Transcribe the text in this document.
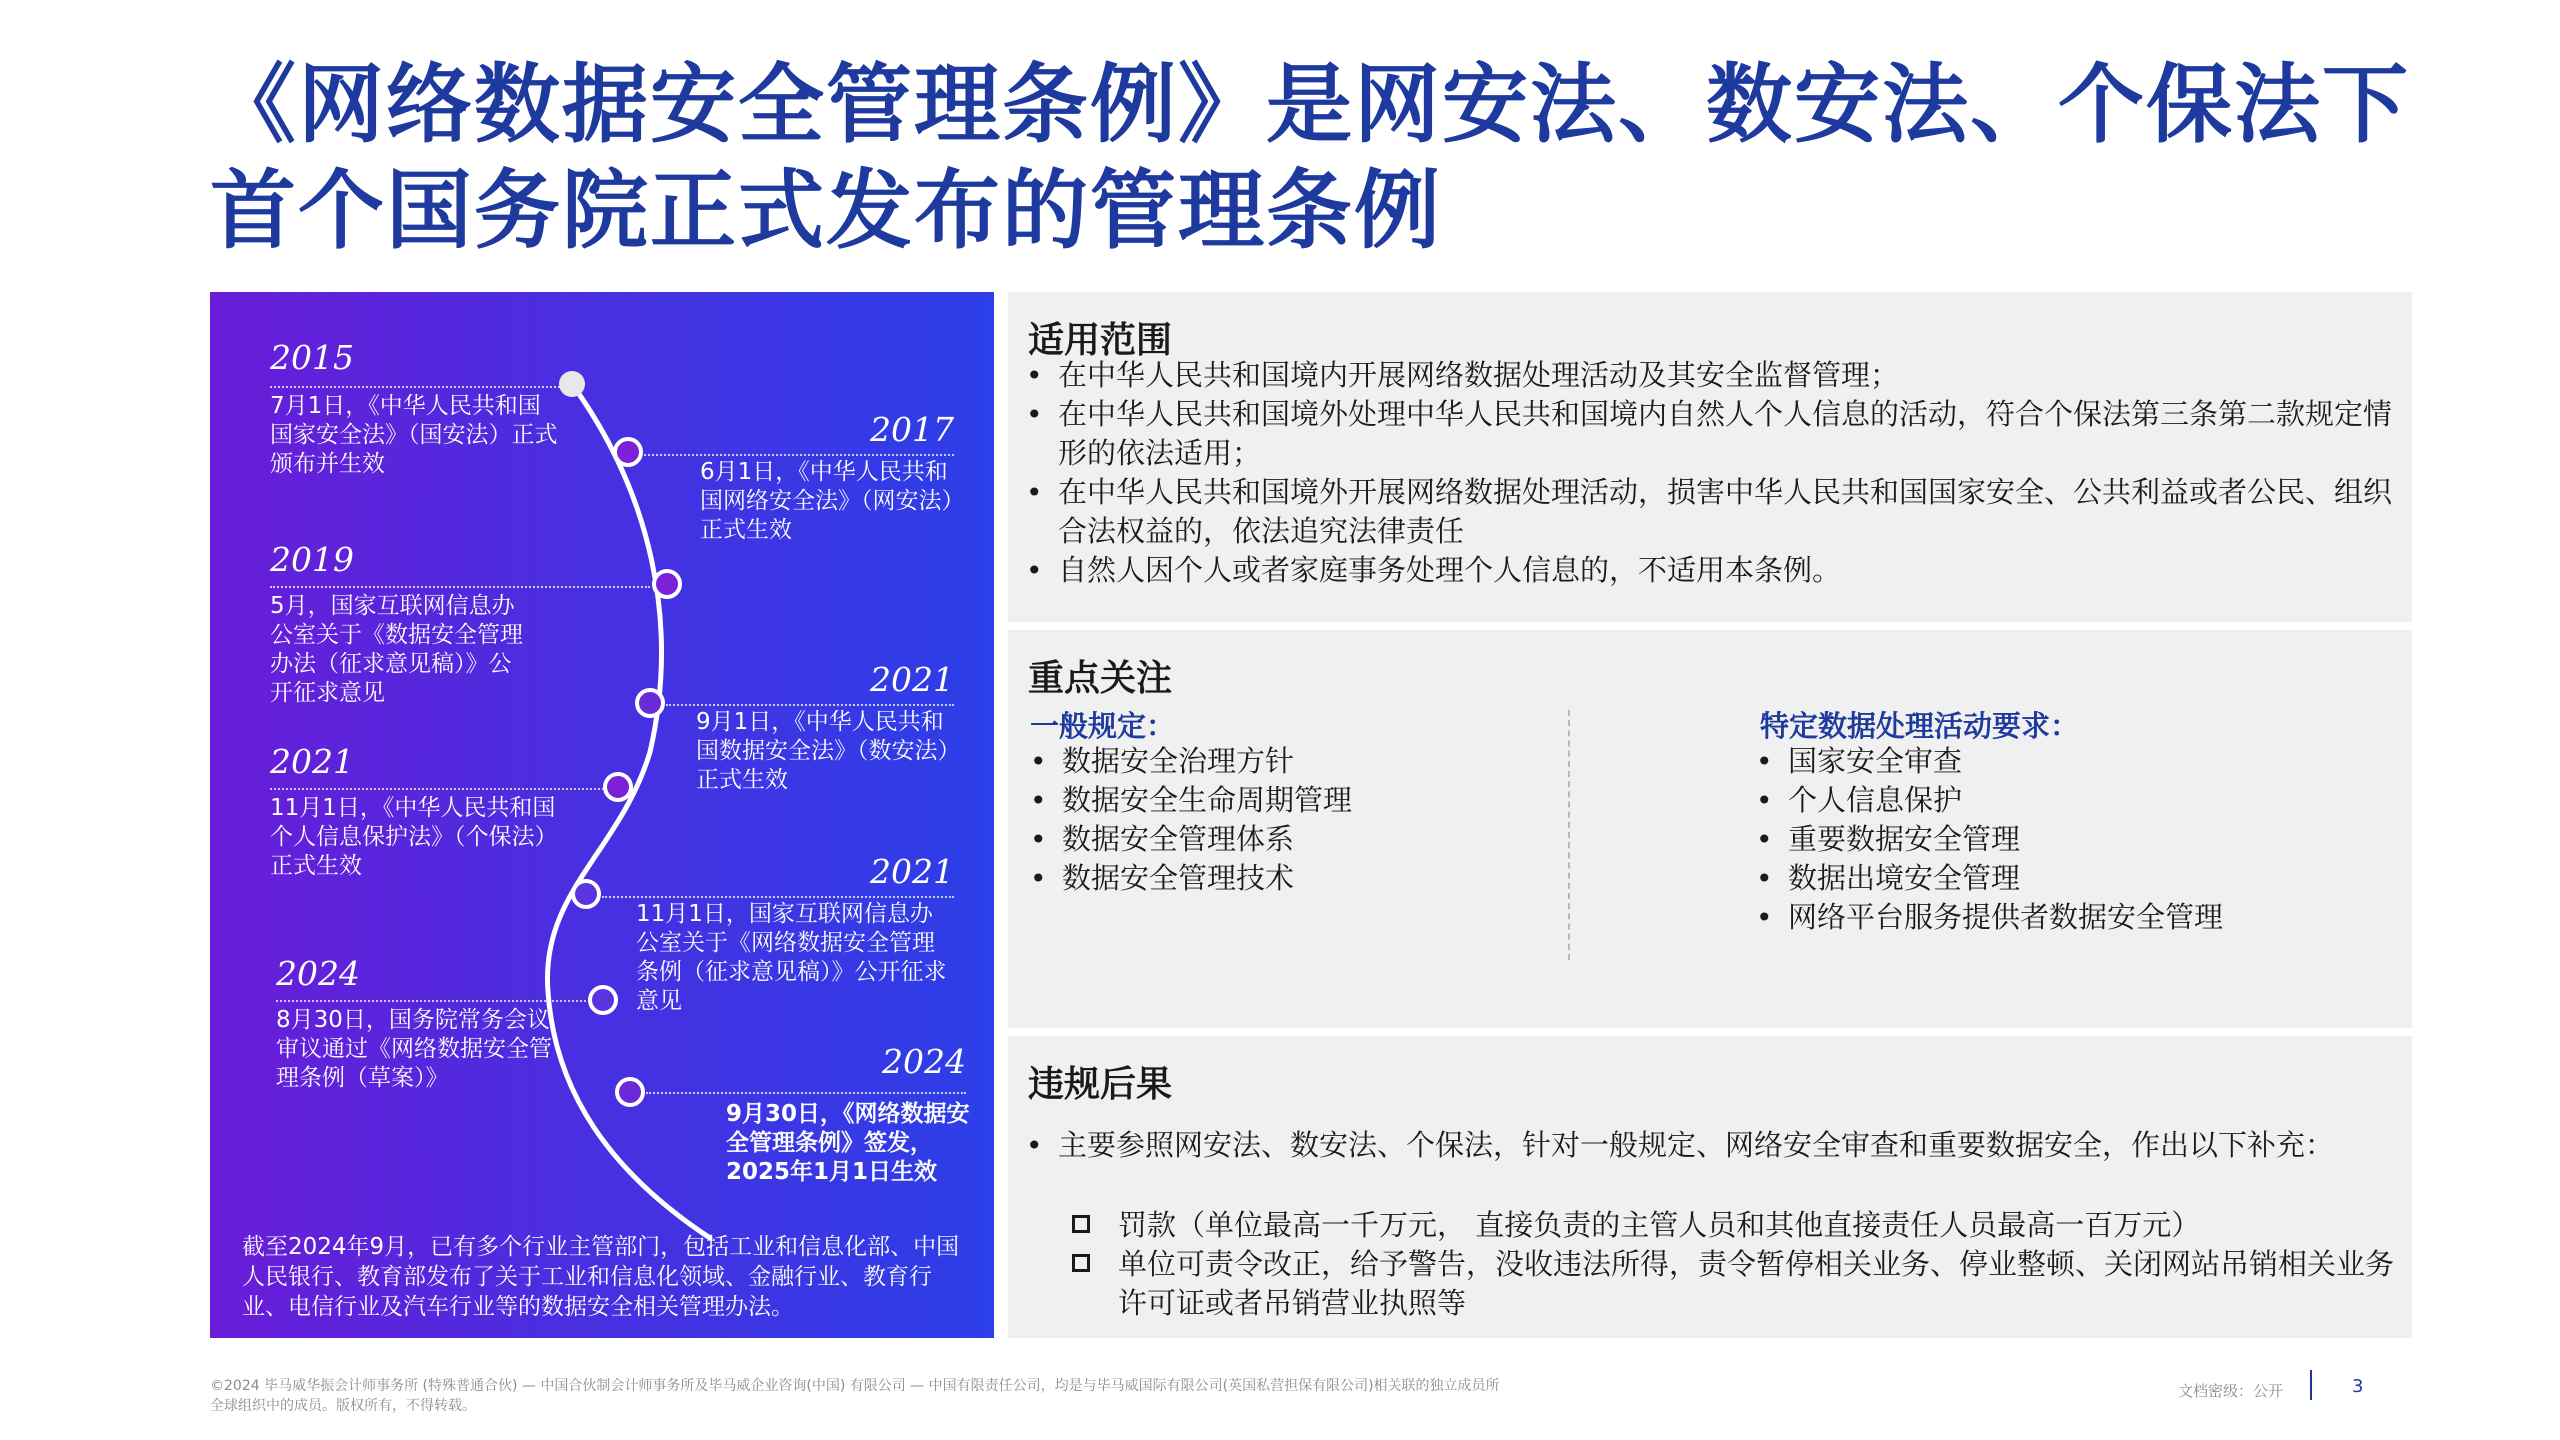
《网络数据安全管理条例》是网安法、数安法、个保法下
首个国务院正式发布的管理条例
2015
7月1日，《中华人民共和国国家安全法》（国安法）正式颁布并生效
2017
6月1日，《中华人民共和国网络安全法》（网安法）正式生效
2019
5月，国家互联网信息办公室关于《数据安全管理办法（征求意见稿）》公开征求意见	2021
9月1日，《中华人民共和国数据安全法》（数安法）正式生效
2021
11月1日，《中华人民共和国个人信息保护法》（个保法）正式生效	2021
11月1日，国家互联网信息办公室关于《网络数据安全管理条例（征求意见稿）》公开征求意见
2024
8月30日，国务院常务会议审议通过《网络数据安全管理条例（草案）》	2024
9月30日，《网络数据安全管理条例》签发，2025年1月1日生效
截至2024年9月，已有多个行业主管部门，包括工业和信息化部、中国人民银行、教育部发布了关于工业和信息化领域、金融行业、教育行业、电信行业及汽车行业等的数据安全相关管理办法。
适用范围
• 在中华人民共和国境内开展网络数据处理活动及其安全监督管理；
• 在中华人民共和国境外处理中华人民共和国境内自然人个人信息的活动，符合个保法第三条第二款规定情形的依法适用；
• 在中华人民共和国境外开展网络数据处理活动，损害中华人民共和国国家安全、公共利益或者公民、组织合法权益的，依法追究法律责任
• 自然人因个人或者家庭事务处理个人信息的，不适用本条例。
重点关注
一般规定：
• 数据安全治理方针
• 数据安全生命周期管理
• 数据安全管理体系
• 数据安全管理技术
特定数据处理活动要求：
• 国家安全审查
• 个人信息保护
• 重要数据安全管理
• 数据出境安全管理
• 网络平台服务提供者数据安全管理
违规后果
• 主要参照网安法、数安法、个保法，针对一般规定、网络安全审查和重要数据安全，作出以下补充：
罚款（单位最高一千万元， 直接负责的主管人员和其他直接责任人员最高一百万元）
单位可责令改正，给予警告，没收违法所得，责令暂停相关业务、停业整顿、关闭网站吊销相关业务许可证或者吊销营业执照等
©2024 毕马威华振会计师事务所 (特殊普通合伙) — 中国合伙制会计师事务所及毕马威企业咨询(中国) 有限公司 — 中国有限责任公司，均是与毕马威国际有限公司(英国私营担保有限公司)相关联的独立成员所全球组织中的成员。版权所有，不得转载。
文档密级：公开	3
